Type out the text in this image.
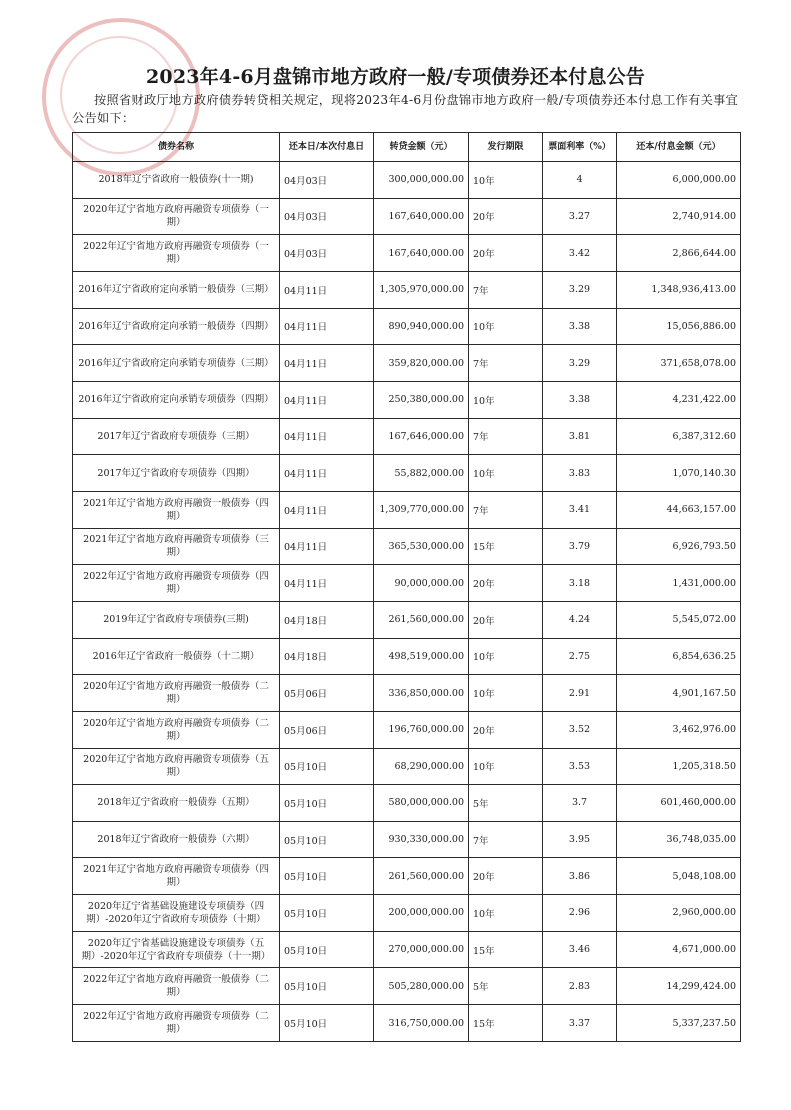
2023年4-6月盘锦市地方政府一般/专项债券还本付息公告
按照省财政厅地方政府债券转贷相关规定，现将2023年4-6月份盘锦市地方政府一般/专项债券还本付息工作有关事宜公告如下：
债券名称	还本日/本次付息日	转贷金额（元）	发行期限	票面利率（%）	还本/付息金额（元）
2018年辽宁省政府一般债券(十一期)	04月03日	300,000,000.00	10年	4	6,000,000.00
2020年辽宁省地方政府再融资专项债券（一期）	04月03日	167,640,000.00	20年	3.27	2,740,914.00
2022年辽宁省地方政府再融资专项债券（一期）	04月03日	167,640,000.00	20年	3.42	2,866,644.00
2016年辽宁省政府定向承销一般债券（三期）	04月11日	1,305,970,000.00	7年	3.29	1,348,936,413.00
2016年辽宁省政府定向承销一般债券（四期）	04月11日	890,940,000.00	10年	3.38	15,056,886.00
2016年辽宁省政府定向承销专项债券（三期）	04月11日	359,820,000.00	7年	3.29	371,658,078.00
2016年辽宁省政府定向承销专项债券（四期）	04月11日	250,380,000.00	10年	3.38	4,231,422.00
2017年辽宁省政府专项债券（三期）	04月11日	167,646,000.00	7年	3.81	6,387,312.60
2017年辽宁省政府专项债券（四期）	04月11日	55,882,000.00	10年	3.83	1,070,140.30
2021年辽宁省地方政府再融资一般债券（四期）	04月11日	1,309,770,000.00	7年	3.41	44,663,157.00
2021年辽宁省地方政府再融资专项债券（三期）	04月11日	365,530,000.00	15年	3.79	6,926,793.50
2022年辽宁省地方政府再融资专项债券（四期）	04月11日	90,000,000.00	20年	3.18	1,431,000.00
2019年辽宁省政府专项债券(三期)	04月18日	261,560,000.00	20年	4.24	5,545,072.00
2016年辽宁省政府一般债券（十二期）	04月18日	498,519,000.00	10年	2.75	6,854,636.25
2020年辽宁省地方政府再融资一般债券（二期）	05月06日	336,850,000.00	10年	2.91	4,901,167.50
2020年辽宁省地方政府再融资专项债券（二期）	05月06日	196,760,000.00	20年	3.52	3,462,976.00
2020年辽宁省地方政府再融资专项债券（五期）	05月10日	68,290,000.00	10年	3.53	1,205,318.50
2018年辽宁省政府一般债券（五期）	05月10日	580,000,000.00	5年	3.7	601,460,000.00
2018年辽宁省政府一般债券（六期）	05月10日	930,330,000.00	7年	3.95	36,748,035.00
2021年辽宁省地方政府再融资专项债券（四期）	05月10日	261,560,000.00	20年	3.86	5,048,108.00
2020年辽宁省基础设施建设专项债券（四期）-2020年辽宁省政府专项债券（十期）	05月10日	200,000,000.00	10年	2.96	2,960,000.00
2020年辽宁省基础设施建设专项债券（五期）-2020年辽宁省政府专项债券（十一期）	05月10日	270,000,000.00	15年	3.46	4,671,000.00
2022年辽宁省地方政府再融资一般债券（二期）	05月10日	505,280,000.00	5年	2.83	14,299,424.00
2022年辽宁省地方政府再融资专项债券（二期）	05月10日	316,750,000.00	15年	3.37	5,337,237.50
